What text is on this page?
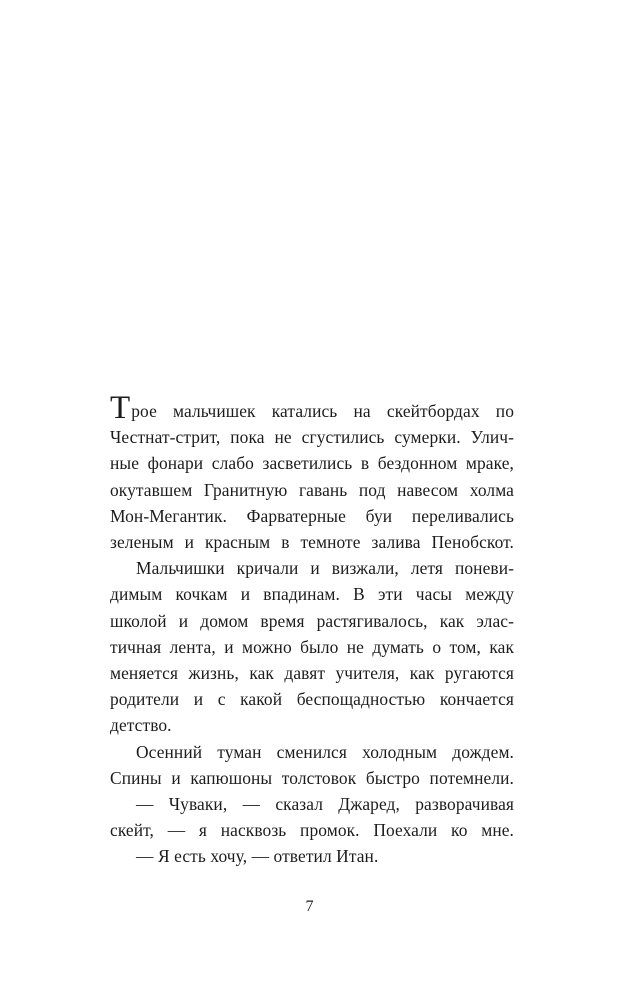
Трое мальчишек катались на скейтбордах по
Честнат-стрит, пока не сгустились сумерки. Улич-
ные фонари слабо засветились в бездонном мраке,
окутавшем Гранитную гавань под навесом холма
Мон-Мегантик. Фарватерные буи переливались
зеленым и красным в темноте залива Пенобскот.
Мальчишки кричали и визжали, летя поневи-
димым кочкам и впадинам. В эти часы между
школой и домом время растягивалось, как элас-
тичная лента, и можно было не думать о том, как
меняется жизнь, как давят учителя, как ругаются
родители и с какой беспощадностью кончается
детство.
Осенний туман сменился холодным дождем.
Спины и капюшоны толстовок быстро потемнели.
— Чуваки, — сказал Джаред, разворачивая
скейт, — я насквозь промок. Поехали ко мне.
— Я есть хочу, — ответил Итан.
7
